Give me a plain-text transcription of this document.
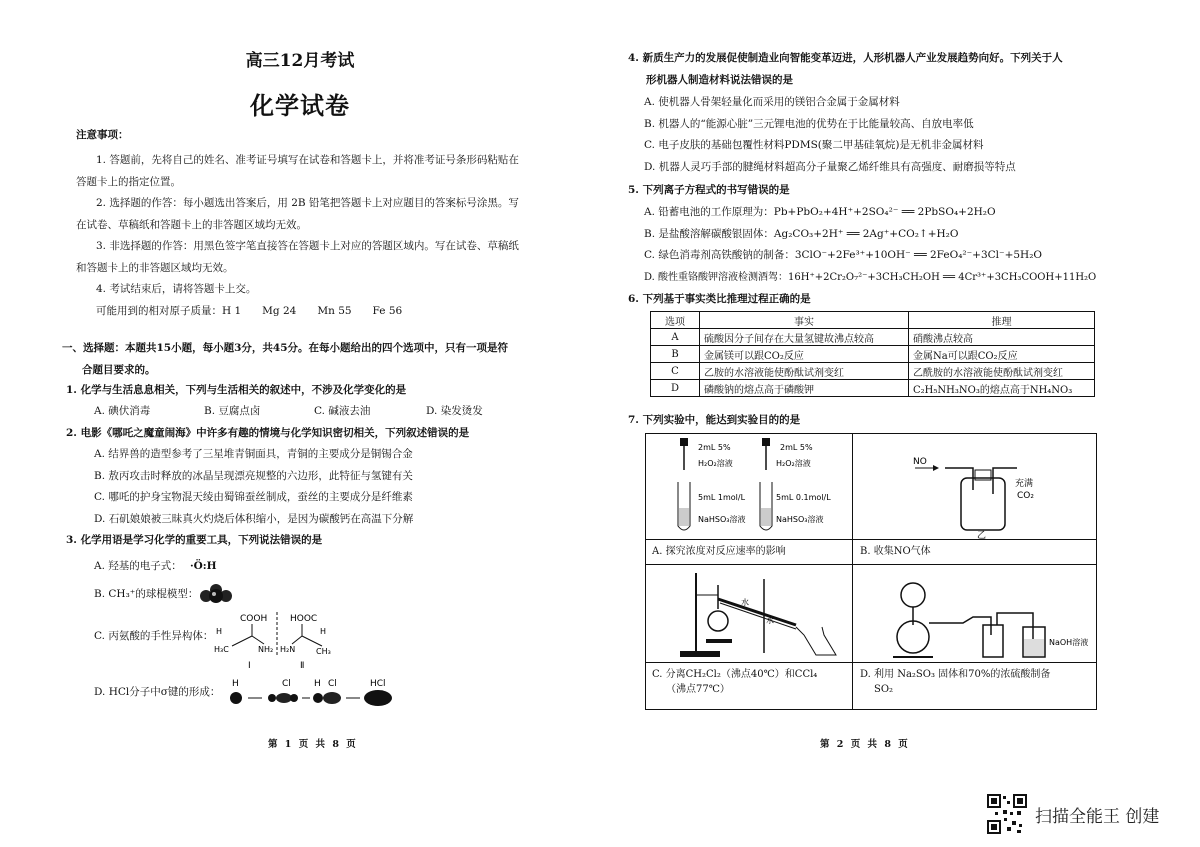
高三12月考试
化学试卷
注意事项：
1. 答题前，先将自己的姓名、准考证号填写在试卷和答题卡上，并将准考证号条形码粘贴在
答题卡上的指定位置。
2. 选择题的作答：每小题选出答案后，用 2B 铅笔把答题卡上对应题目的答案标号涂黑。写
在试卷、草稿纸和答题卡上的非答题区域均无效。
3. 非选择题的作答：用黑色签字笔直接答在答题卡上对应的答题区域内。写在试卷、草稿纸
和答题卡上的非答题区域均无效。
4. 考试结束后，请将答题卡上交。
可能用到的相对原子质量：H 1　　Mg 24　　Mn 55　　Fe 56
一、选择题：本题共15小题，每小题3分，共45分。在每小题给出的四个选项中，只有一项是符
合题目要求的。
1. 化学与生活息息相关，下列与生活相关的叙述中，不涉及化学变化的是
A. 碘伏消毒	B. 豆腐点卤	C. 碱液去油	D. 染发烫发
2. 电影《哪吒之魔童闹海》中许多有趣的情境与化学知识密切相关，下列叙述错误的是
A. 结界兽的造型参考了三星堆青铜面具，青铜的主要成分是铜锡合金
B. 敖丙攻击时释放的冰晶呈现漂亮规整的六边形，此特征与氢键有关
C. 哪吒的护身宝物混天绫由蜀锦蚕丝制成，蚕丝的主要成分是纤维素
D. 石矶娘娘被三昧真火灼烧后体积缩小，是因为碳酸钙在高温下分解
3. 化学用语是学习化学的重要工具，下列说法错误的是
A. 羟基的电子式： ·Ö:H
B. CH₃⁺的球棍模型：
C. 丙氨酸的手性异构体：
COOH	HOOC
H
H₃C	NH₂ H₂N
H
CH₃
Ⅰ	Ⅱ
D. HCl分子中σ键的形成：
H	Cl	H Cl	HCl
第 1 页 共 8 页
4. 新质生产力的发展促使制造业向智能变革迈进，人形机器人产业发展趋势向好。下列关于人
形机器人制造材料说法错误的是
A. 使机器人骨架轻量化而采用的镁铝合金属于金属材料
B. 机器人的“能源心脏”三元锂电池的优势在于比能量较高、自放电率低
C. 电子皮肤的基础包覆性材料PDMS(聚二甲基硅氧烷)是无机非金属材料
D. 机器人灵巧手部的腱绳材料超高分子量聚乙烯纤维具有高强度、耐磨损等特点
5. 下列离子方程式的书写错误的是
A. 铅蓄电池的工作原理为：Pb+PbO₂+4H⁺+2SO₄²⁻ ══ 2PbSO₄+2H₂O
B. 是盐酸溶解碳酸银固体：Ag₂CO₃+2H⁺ ══ 2Ag⁺+CO₂↑+H₂O
C. 绿色消毒剂高铁酸钠的制备：3ClO⁻+2Fe³⁺+10OH⁻ ══ 2FeO₄²⁻+3Cl⁻+5H₂O
D. 酸性重铬酸钾溶液检测酒驾：16H⁺+2Cr₂O₇²⁻+3CH₃CH₂OH ══ 4Cr³⁺+3CH₃COOH+11H₂O
6. 下列基于事实类比推理过程正确的是
7. 下列实验中，能达到实验目的的是
第 2 页 共 8 页
选项	事实	推理
A	硫酸因分子间存在大量氢键故沸点较高	硝酸沸点较高
B	金属镁可以跟CO₂反应	金属Na可以跟CO₂反应
C	乙胺的水溶液能使酚酞试剂变红	乙酰胺的水溶液能使酚酞试剂变红
D	磷酸钠的熔点高于磷酸钾	C₂H₅NH₃NO₃的熔点高于NH₄NO₃
2mL 5%
H₂O₂溶液
2mL 5%
H₂O₂溶液
5mL 1mol/L
NaHSO₃溶液
5mL 0.1mol/L
NaHSO₃溶液
NO
充满
CO₂
乙
A. 探究浓度对反应速率的影响	B. 收集NO气体
水
水
NaOH溶液
C. 分离CH₂Cl₂（沸点40℃）和CCl₄
（沸点77℃）
D. 利用 Na₂SO₃ 固体和70%的浓硫酸制备
SO₂
扫描全能王 创建
